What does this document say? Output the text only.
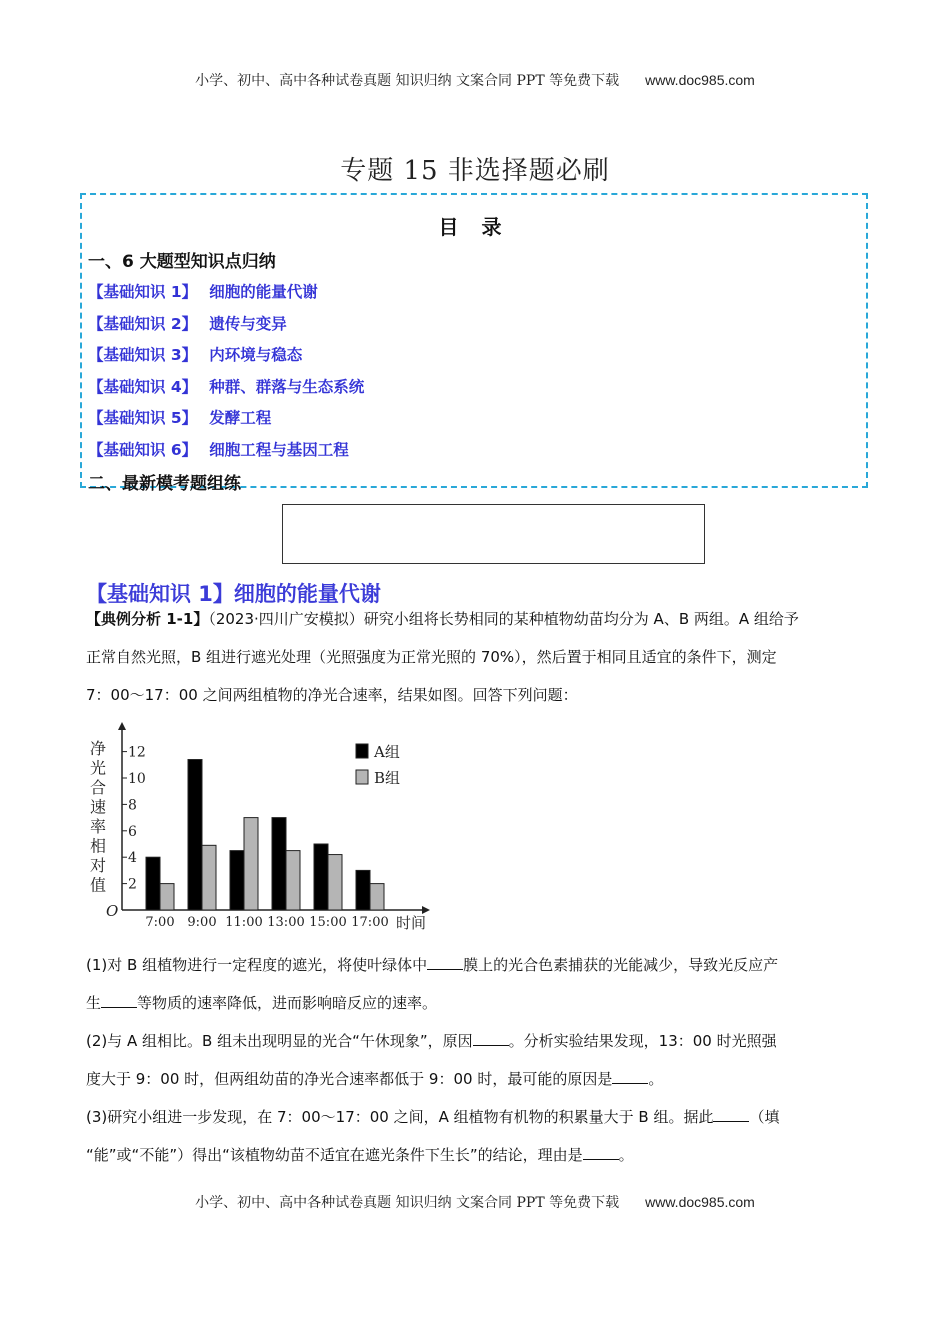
小学、初中、高中各种试卷真题 知识归纳 文案合同 PPT 等免费下载 www.doc985.com
专题 15 非选择题必刷
目 录
一、6 大题型知识点归纳
【基础知识 1】 细胞的能量代谢
【基础知识 2】 遗传与变异
【基础知识 3】 内环境与稳态
【基础知识 4】 种群、群落与生态系统
【基础知识 5】 发酵工程
【基础知识 6】 细胞工程与基因工程
二、最新模考题组练
【基础知识 1】细胞的能量代谢
【典例分析 1-1】（2023·四川广安模拟）研究小组将长势相同的某种植物幼苗均分为 A、B 两组。A 组给予
正常自然光照，B 组进行遮光处理（光照强度为正常光照的 70%），然后置于相同且适宜的条件下，测定
7：00～17：00 之间两组植物的净光合速率，结果如图。回答下列问题：
O
净
光
合
速
率
相
对
值 2
4
6
8
10
12
7:00 9:00 11:00 13:00 15:00 17:00 时间
A组
B组
(1)对 B 组植物进行一定程度的遮光，将使叶绿体中 膜上的光合色素捕获的光能减少，导致光反应产
生 等物质的速率降低，进而影响暗反应的速率。
(2)与 A 组相比。B 组未出现明显的光合“午休现象”，原因 。分析实验结果发现，13：00 时光照强
度大于 9：00 时，但两组幼苗的净光合速率都低于 9：00 时，最可能的原因是 。
(3)研究小组进一步发现，在 7：00～17：00 之间，A 组植物有机物的积累量大于 B 组。据此 （填
“能”或“不能”）得出“该植物幼苗不适宜在遮光条件下生长”的结论，理由是 。
小学、初中、高中各种试卷真题 知识归纳 文案合同 PPT 等免费下载 www.doc985.com
